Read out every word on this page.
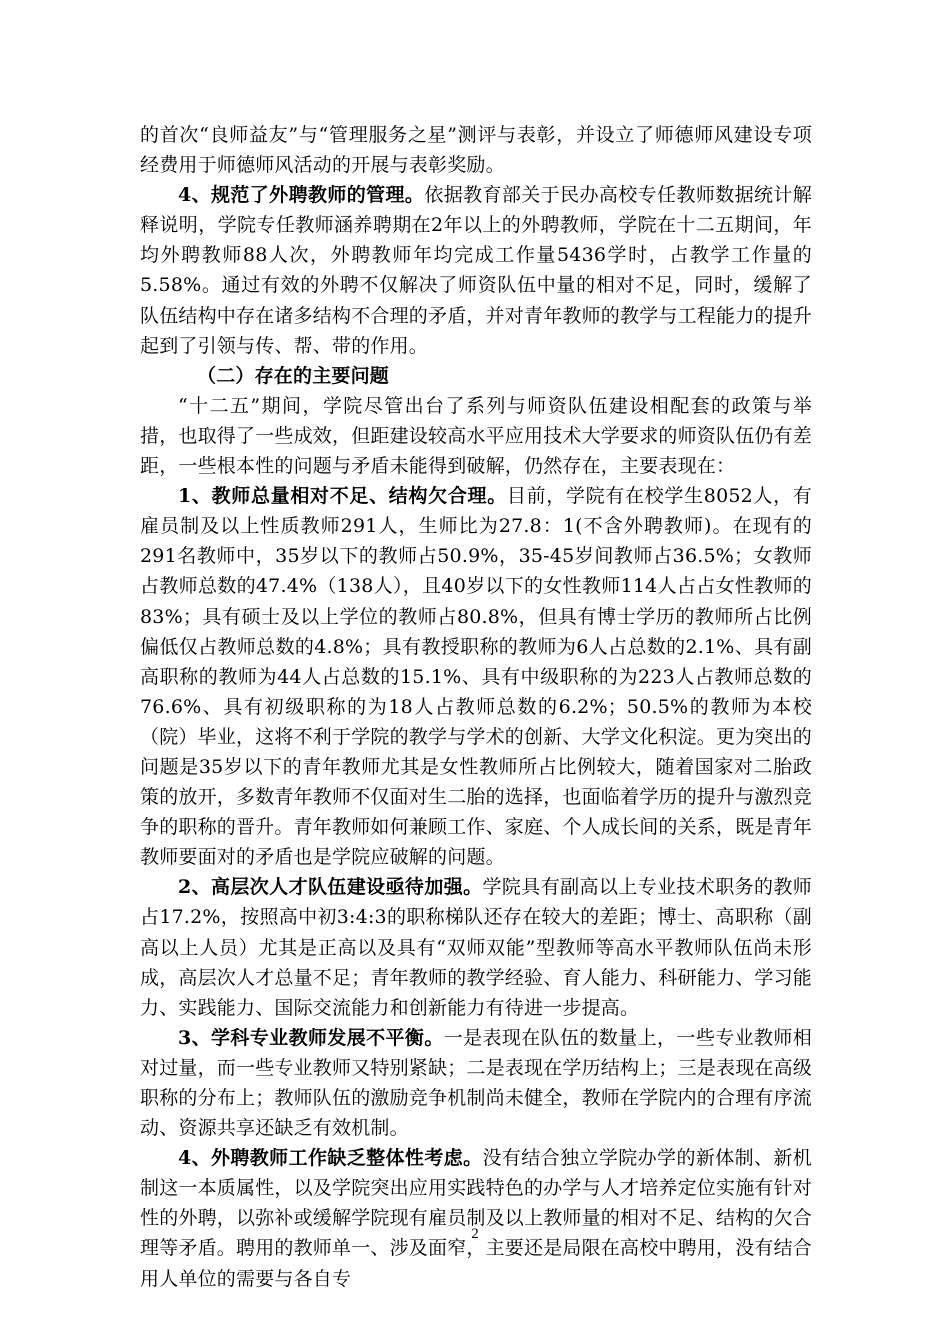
的首次“良师益友”与“管理服务之星”测评与表彰，并设立了师德师风建设专项经费用于师德师风活动的开展与表彰奖励。

4、规范了外聘教师的管理。依据教育部关于民办高校专任教师数据统计解释说明，学院专任教师涵养聘期在2年以上的外聘教师，学院在十二五期间，年均外聘教师88人次，外聘教师年均完成工作量5436学时，占教学工作量的5.58%。通过有效的外聘不仅解决了师资队伍中量的相对不足，同时，缓解了队伍结构中存在诸多结构不合理的矛盾，并对青年教师的教学与工程能力的提升起到了引领与传、帮、带的作用。

（二）存在的主要问题

“十二五”期间，学院尽管出台了系列与师资队伍建设相配套的政策与举措，也取得了一些成效，但距建设较高水平应用技术大学要求的师资队伍仍有差距，一些根本性的问题与矛盾未能得到破解，仍然存在，主要表现在：

1、教师总量相对不足、结构欠合理。目前，学院有在校学生8052人，有雇员制及以上性质教师291人，生师比为27.8：1(不含外聘教师)。在现有的291名教师中，35岁以下的教师占50.9%，35-45岁间教师占36.5%；女教师占教师总数的47.4%（138人），且40岁以下的女性教师114人占占女性教师的83%；具有硕士及以上学位的教师占80.8%，但具有博士学历的教师所占比例偏低仅占教师总数的4.8%；具有教授职称的教师为6人占总数的2.1%、具有副高职称的教师为44人占总数的15.1%、具有中级职称的为223人占教师总数的76.6%、具有初级职称的为18人占教师总数的6.2%；50.5%的教师为本校（院）毕业，这将不利于学院的教学与学术的创新、大学文化积淀。更为突出的问题是35岁以下的青年教师尤其是女性教师所占比例较大，随着国家对二胎政策的放开，多数青年教师不仅面对生二胎的选择，也面临着学历的提升与激烈竞争的职称的晋升。青年教师如何兼顾工作、家庭、个人成长间的关系，既是青年教师要面对的矛盾也是学院应破解的问题。

2、高层次人才队伍建设亟待加强。学院具有副高以上专业技术职务的教师占17.2%，按照高中初3:4:3的职称梯队还存在较大的差距；博士、高职称（副高以上人员）尤其是正高以及具有“双师双能”型教师等高水平教师队伍尚未形成，高层次人才总量不足；青年教师的教学经验、育人能力、科研能力、学习能力、实践能力、国际交流能力和创新能力有待进一步提高。

3、学科专业教师发展不平衡。一是表现在队伍的数量上，一些专业教师相对过量，而一些专业教师又特别紧缺；二是表现在学历结构上；三是表现在高级职称的分布上；教师队伍的激励竞争机制尚未健全，教师在学院内的合理有序流动、资源共享还缺乏有效机制。

4、外聘教师工作缺乏整体性考虑。没有结合独立学院办学的新体制、新机制这一本质属性，以及学院突出应用实践特色的办学与人才培养定位实施有针对性的外聘，以弥补或缓解学院现有雇员制及以上教师量的相对不足、结构的欠合理等矛盾。聘用的教师单一、涉及面窄，主要还是局限在高校中聘用，没有结合用人单位的需要与各自专

2
